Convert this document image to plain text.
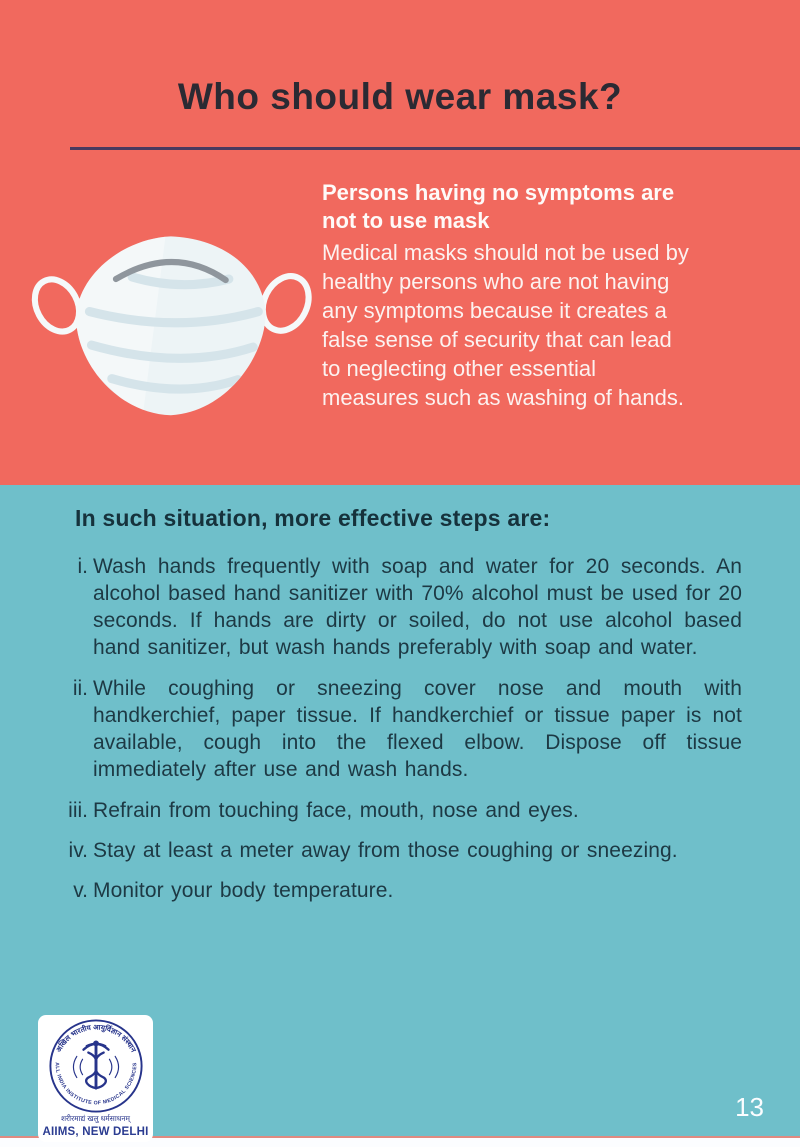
Who should wear mask?

Persons having no symptoms are not to use mask

Medical masks should not be used by healthy persons who are not having any symptoms because it creates a false sense of security that can lead to neglecting other essential measures such as washing of hands.

In such situation, more effective steps are:
i. Wash hands frequently with soap and water for 20 seconds. An alcohol based hand sanitizer with 70% alcohol must be used for 20 seconds. If hands are dirty or soiled, do not use alcohol based hand sanitizer, but wash hands preferably with soap and water.
ii. While coughing or sneezing cover nose and mouth with handkerchief, paper tissue. If handkerchief or tissue paper is not available, cough into the flexed elbow. Dispose off tissue immediately after use and wash hands.
iii. Refrain from touching face, mouth, nose and eyes.
iv. Stay at least a meter away from those coughing or sneezing.
v. Monitor your body temperature.
अखिल भारतीय आयुर्विज्ञान संस्थान
ALL INDIA INSTITUTE OF MEDICAL SCIENCES
शरीरमाद्यं खलु धर्मसाधनम्
AIIMS, NEW DELHI
13
